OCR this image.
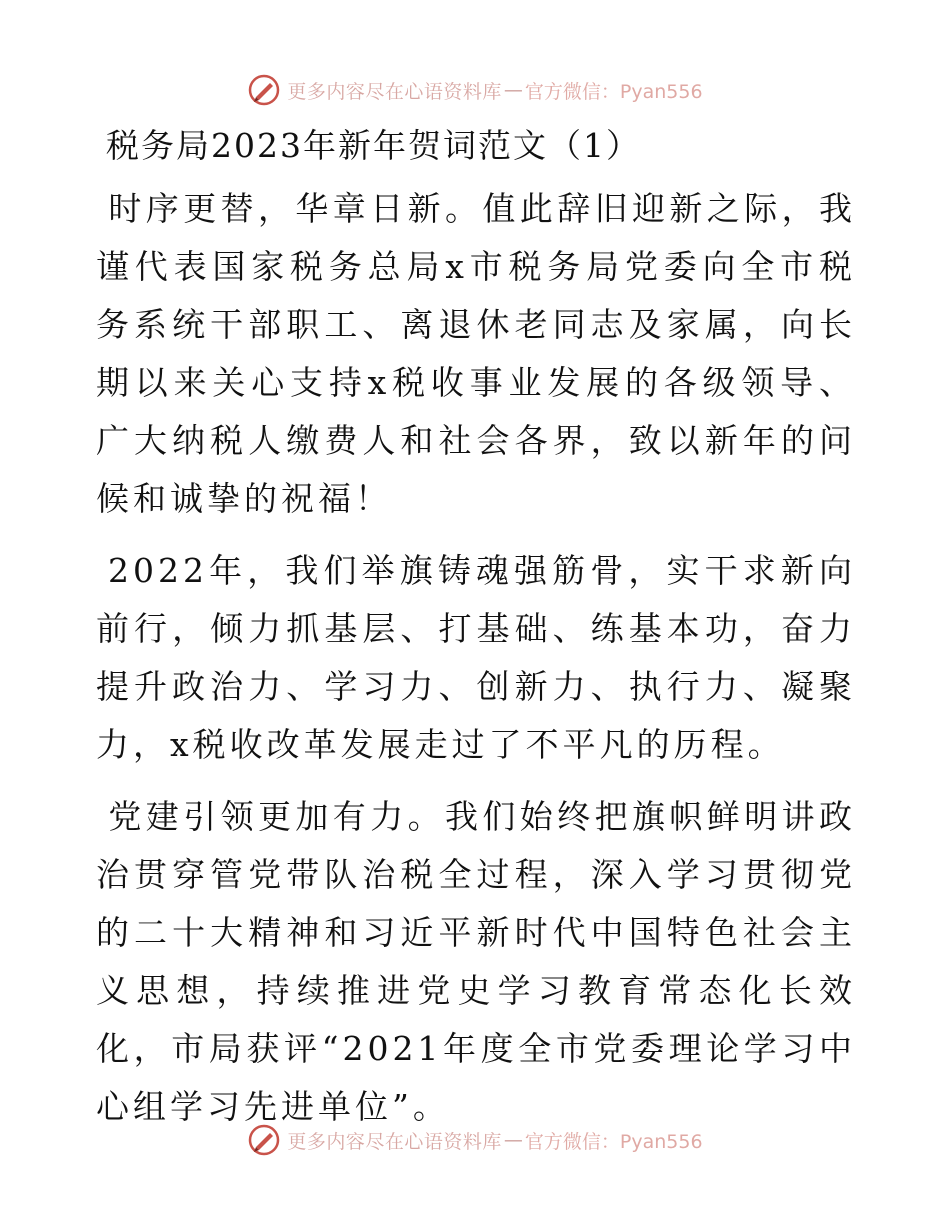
更多内容尽在心语资料库 — 官方微信：Pyan556
税务局2023年新年贺词范文（1）

时序更替，华章日新。值此辞旧迎新之际，我谨代表国家税务总局x市税务局党委向全市税务系统干部职工、离退休老同志及家属，向长期以来关心支持x税收事业发展的各级领导、广大纳税人缴费人和社会各界，致以新年的问候和诚挚的祝福！

2022年，我们举旗铸魂强筋骨，实干求新向前行，倾力抓基层、打基础、练基本功，奋力提升政治力、学习力、创新力、执行力、凝聚力，x税收改革发展走过了不平凡的历程。

党建引领更加有力。我们始终把旗帜鲜明讲政治贯穿管党带队治税全过程，深入学习贯彻党的二十大精神和习近平新时代中国特色社会主义思想，持续推进党史学习教育常态化长效化，市局获评“2021年度全市党委理论学习中心组学习先进单位”。

更多内容尽在心语资料库 — 官方微信：Pyan556
